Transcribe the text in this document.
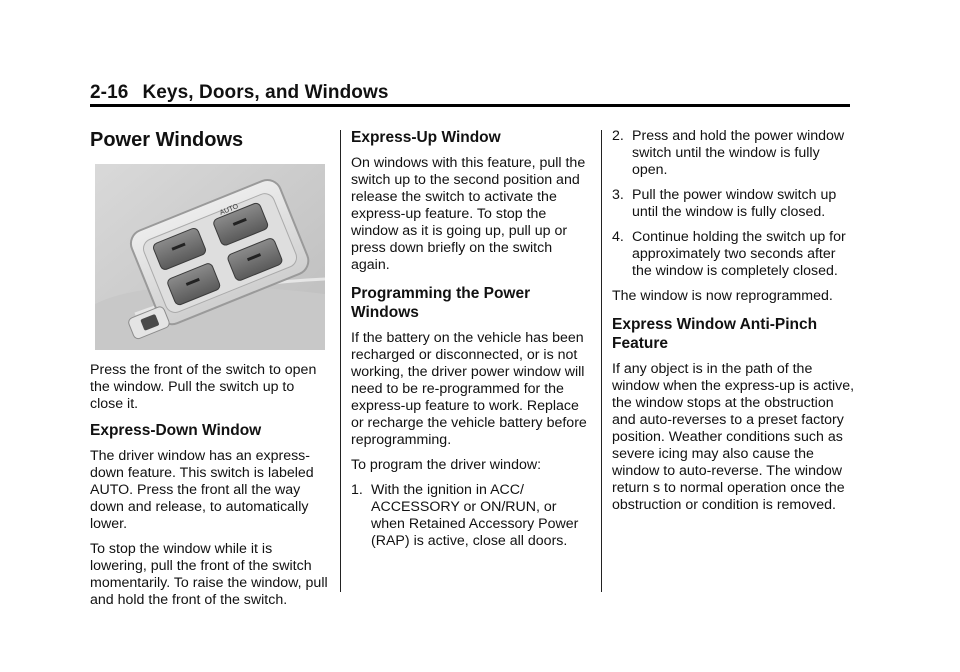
2-16 Keys, Doors, and Windows
Power Windows
AUTO

Press the front of the switch to open the window. Pull the switch up to close it.

Express-Down Window

The driver window has an express-down feature. This switch is labeled AUTO. Press the front all the way down and release, to automatically lower.

To stop the window while it is lowering, pull the front of the switch momentarily. To raise the window, pull and hold the front of the switch.

Express-Up Window

On windows with this feature, pull the switch up to the second position and release the switch to activate the express-up feature. To stop the window as it is going up, pull up or press down briefly on the switch again.

Programming the Power Windows

If the battery on the vehicle has been recharged or disconnected, or is not working, the driver power window will need to be re-programmed for the express-up feature to work. Replace or recharge the vehicle battery before reprogramming.

To program the driver window:

1. With the ignition in ACC/ ACCESSORY or ON/RUN, or when Retained Accessory Power (RAP) is active, close all doors.
2. Press and hold the power window switch until the window is fully open.
3. Pull the power window switch up until the window is fully closed.
4. Continue holding the switch up for approximately two seconds after the window is completely closed.

The window is now reprogrammed.

Express Window Anti-Pinch Feature

If any object is in the path of the window when the express-up is active, the window stops at the obstruction and auto-reverses to a preset factory position. Weather conditions such as severe icing may also cause the window to auto-reverse. The window return s to normal operation once the obstruction or condition is removed.
